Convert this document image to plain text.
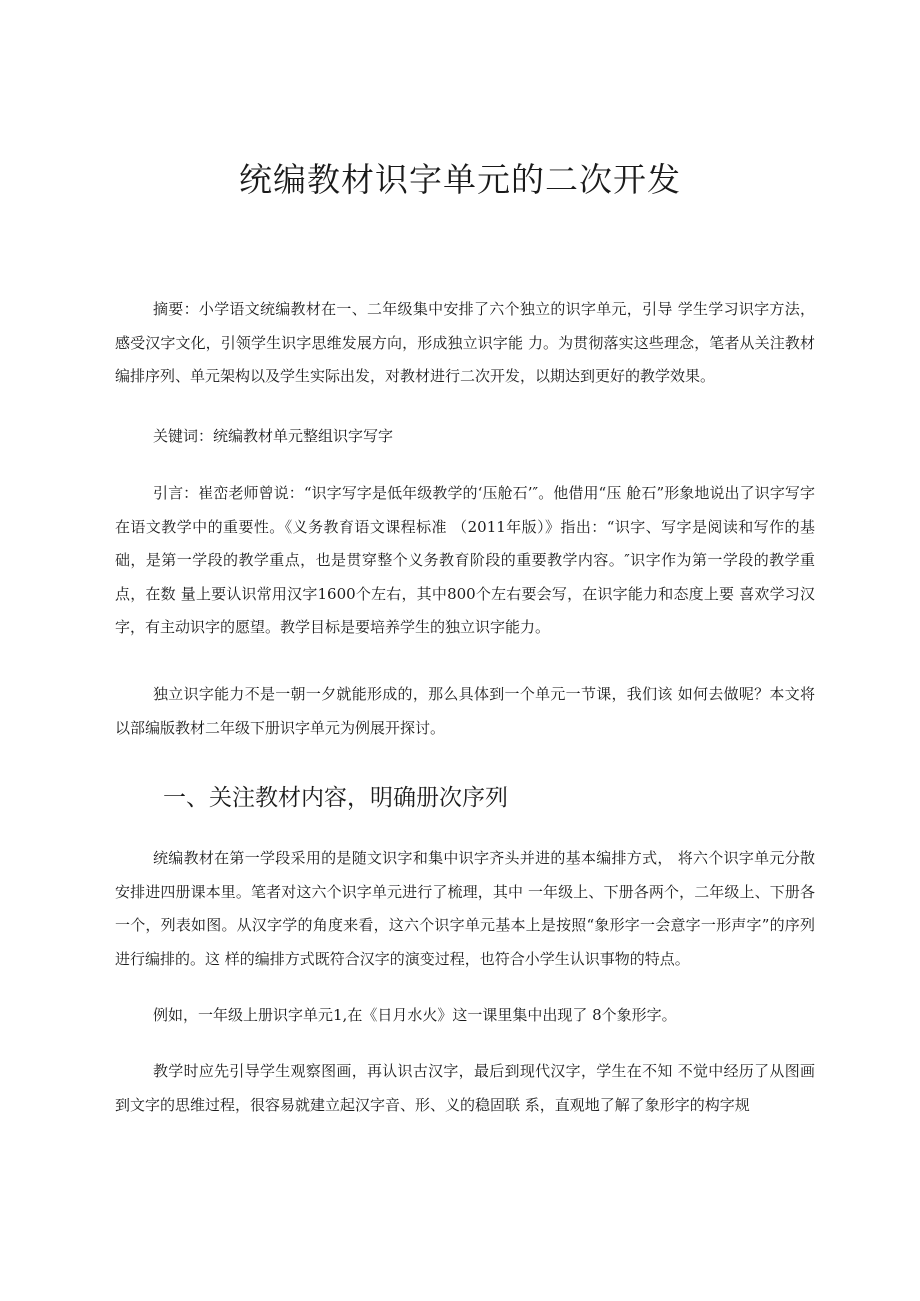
统编教材识字单元的二次开发

摘要：小学语文统编教材在一、二年级集中安排了六个独立的识字单元，引导 学生学习识字方法，感受汉字文化，引领学生识字思维发展方向，形成独立识字能 力。为贯彻落实这些理念，笔者从关注教材编排序列、单元架构以及学生实际出发，对教材进行二次开发，以期达到更好的教学效果。

关键词：统编教材单元整组识字写字

引言：崔峦老师曾说：“识字写字是低年级教学的‘压舱石’″。他借用“压 舱石”形象地说出了识字写字在语文教学中的重要性。《义务教育语文课程标准 （2011年版）》指出：“识字、写字是阅读和写作的基础，是第一学段的教学重点，也是贯穿整个义务教育阶段的重要教学内容。″识字作为第一学段的教学重点，在数 量上要认识常用汉字1600个左右，其中800个左右要会写，在识字能力和态度上要 喜欢学习汉字，有主动识字的愿望。教学目标是要培养学生的独立识字能力。

独立识字能力不是一朝一夕就能形成的，那么具体到一个单元一节课，我们该 如何去做呢？本文将以部编版教材二年级下册识字单元为例展开探讨。

一、关注教材内容，明确册次序列

统编教材在第一学段采用的是随文识字和集中识字齐头并进的基本编排方式， 将六个识字单元分散安排进四册课本里。笔者对这六个识字单元进行了梳理，其中 一年级上、下册各两个，二年级上、下册各一个，列表如图。从汉字学的角度来看，这六个识字单元基本上是按照“象形字一会意字一形声字”的序列进行编排的。这 样的编排方式既符合汉字的演变过程，也符合小学生认识事物的特点。

例如，一年级上册识字单元1,在《日月水火》这一课里集中出现了 8个象形字。

教学时应先引导学生观察图画，再认识古汉字，最后到现代汉字，学生在不知 不觉中经历了从图画到文字的思维过程，很容易就建立起汉字音、形、义的稳固联 系，直观地了解了象形字的构字规
